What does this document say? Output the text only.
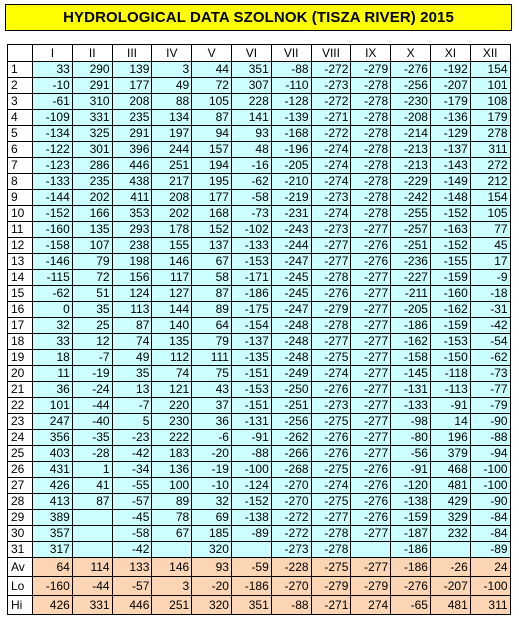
HYDROLOGICAL DATA SZOLNOK (TISZA RIVER) 2015
	I	II	III	IV	V	VI	VII	VIII	IX	X	XI	XII
1	33	290	139	3	44	351	-88	-272	-279	-276	-192	154
2	-10	291	177	49	72	307	-110	-273	-278	-256	-207	101
3	-61	310	208	88	105	228	-128	-272	-278	-230	-179	108
4	-109	331	235	134	87	141	-139	-271	-278	-208	-136	179
5	-134	325	291	197	94	93	-168	-272	-278	-214	-129	278
6	-122	301	396	244	157	48	-196	-274	-278	-213	-137	311
7	-123	286	446	251	194	-16	-205	-274	-278	-213	-143	272
8	-133	235	438	217	195	-62	-210	-274	-278	-229	-149	212
9	-144	202	411	208	177	-58	-219	-273	-278	-242	-148	154
10	-152	166	353	202	168	-73	-231	-274	-278	-255	-152	105
11	-160	135	293	178	152	-102	-243	-273	-277	-257	-163	77
12	-158	107	238	155	137	-133	-244	-277	-276	-251	-152	45
13	-146	79	198	146	67	-153	-247	-277	-276	-236	-155	17
14	-115	72	156	117	58	-171	-245	-278	-277	-227	-159	-9
15	-62	51	124	127	87	-186	-245	-276	-277	-211	-160	-18
16	0	35	113	144	89	-175	-247	-279	-277	-205	-162	-31
17	32	25	87	140	64	-154	-248	-278	-277	-186	-159	-42
18	33	12	74	135	79	-137	-248	-277	-277	-162	-153	-54
19	18	-7	49	112	111	-135	-248	-275	-277	-158	-150	-62
20	11	-19	35	74	75	-151	-249	-274	-277	-145	-118	-73
21	36	-24	13	121	43	-153	-250	-276	-277	-131	-113	-77
22	101	-44	-7	220	37	-151	-251	-273	-277	-133	-91	-79
23	247	-40	5	230	36	-131	-256	-275	-277	-98	14	-90
24	356	-35	-23	222	-6	-91	-262	-276	-277	-80	196	-88
25	403	-28	-42	183	-20	-88	-266	-276	-277	-56	379	-94
26	431	1	-34	136	-19	-100	-268	-275	-276	-91	468	-100
27	426	41	-55	100	-10	-124	-270	-274	-276	-120	481	-100
28	413	87	-57	89	32	-152	-270	-275	-276	-138	429	-90
29	389		-45	78	69	-138	-272	-277	-276	-159	329	-84
30	357		-58	67	185	-89	-272	-278	-277	-187	232	-84
31	317		-42		320		-273	-278		-186		-89
Av	64	114	133	146	93	-59	-228	-275	-277	-186	-26	24
Lo	-160	-44	-57	3	-20	-186	-270	-279	-279	-276	-207	-100
Hi	426	331	446	251	320	351	-88	-271	274	-65	481	311
